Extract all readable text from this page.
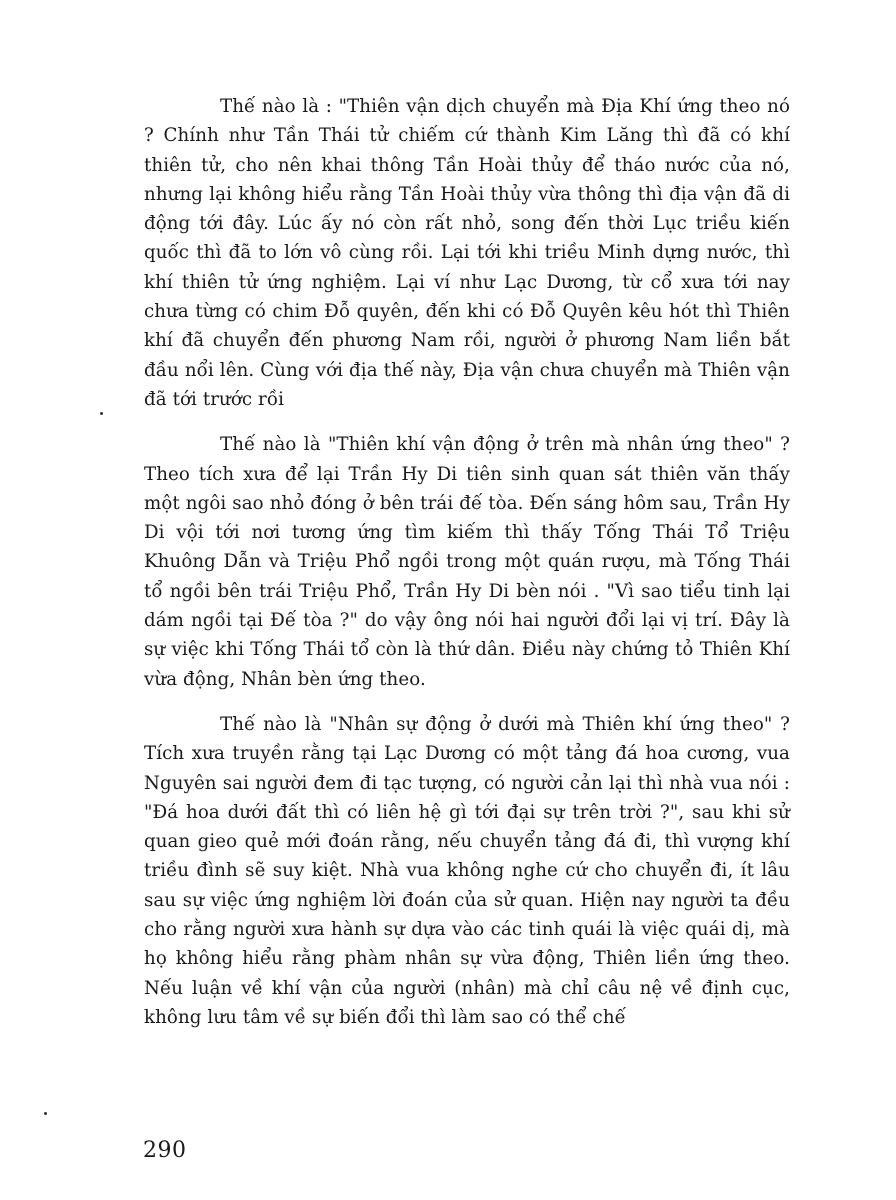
Thế nào là : "Thiên vận dịch chuyển mà Địa Khí ứng theo nó ? Chính như Tần Thái tử chiếm cứ thành Kim Lăng thì đã có khí thiên tử, cho nên khai thông Tần Hoài thủy để tháo nước của nó, nhưng lại không hiểu rằng Tần Hoài thủy vừa thông thì địa vận đã di động tới đây. Lúc ấy nó còn rất nhỏ, song đến thời Lục triều kiến quốc thì đã to lớn vô cùng rồi. Lại tới khi triều Minh dựng nước, thì khí thiên tử ứng nghiệm. Lại ví như Lạc Dương, từ cổ xưa tới nay chưa từng có chim Đỗ quyên, đến khi có Đỗ Quyên kêu hót thì Thiên khí đã chuyển đến phương Nam rồi, người ở phương Nam liền bắt đầu nổi lên. Cùng với địa thế này, Địa vận chưa chuyển mà Thiên vận đã tới trước rồi

Thế nào là "Thiên khí vận động ở trên mà nhân ứng theo" ? Theo tích xưa để lại Trần Hy Di tiên sinh quan sát thiên văn thấy một ngôi sao nhỏ đóng ở bên trái đế tòa. Đến sáng hôm sau, Trần Hy Di vội tới nơi tương ứng tìm kiếm thì thấy Tống Thái Tổ Triệu Khuông Dẫn và Triệu Phổ ngồi trong một quán rượu, mà Tống Thái tổ ngồi bên trái Triệu Phổ, Trần Hy Di bèn nói . "Vì sao tiểu tinh lại dám ngồi tại Đế tòa ?" do vậy ông nói hai người đổi lại vị trí. Đây là sự việc khi Tống Thái tổ còn là thứ dân. Điều này chứng tỏ Thiên Khí vừa động, Nhân bèn ứng theo.

Thế nào là "Nhân sự động ở dưới mà Thiên khí ứng theo" ? Tích xưa truyền rằng tại Lạc Dương có một tảng đá hoa cương, vua Nguyên sai người đem đi tạc tượng, có người cản lại thì nhà vua nói : "Đá hoa dưới đất thì có liên hệ gì tới đại sự trên trời ?", sau khi sử quan gieo quẻ mới đoán rằng, nếu chuyển tảng đá đi, thì vượng khí triều đình sẽ suy kiệt. Nhà vua không nghe cứ cho chuyển đi, ít lâu sau sự việc ứng nghiệm lời đoán của sử quan. Hiện nay người ta đều cho rằng người xưa hành sự dựa vào các tinh quái là việc quái dị, mà họ không hiểu rằng phàm nhân sự vừa động, Thiên liền ứng theo. Nếu luận về khí vận của người (nhân) mà chỉ câu nệ về định cục, không lưu tâm về sự biến đổi thì làm sao có thể chế

290
